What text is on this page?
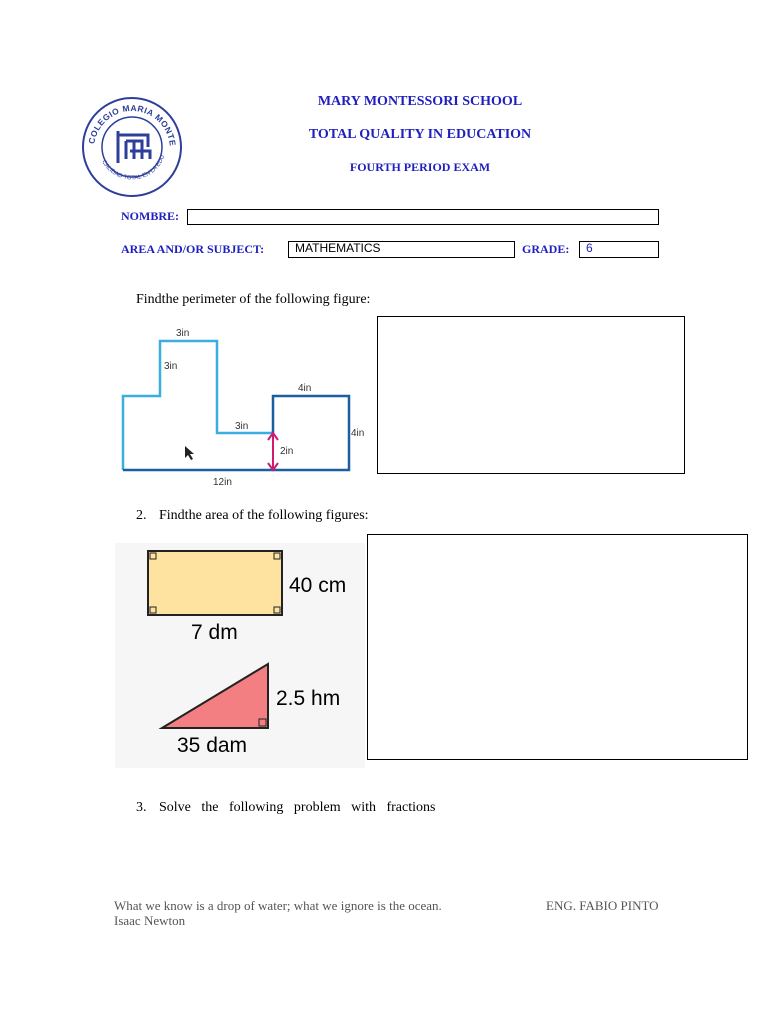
COLEGIO MARIA MONTE
CALIDAD TOTAL EN LA EDU
MARY MONTESSORI SCHOOL
TOTAL QUALITY IN EDUCATION
FOURTH PERIOD EXAM
NOMBRE:
AREA AND/OR SUBJECT:	MATHEMATICS	GRADE:	6
Findthe perimeter of the following figure:
3in
3in
4in
3in
4in
2in
12in
2. Findthe area of the following figures:
40 cm
7 dm
2.5 hm
35 dam
3. Solve   the   following   problem   with   fractions
What we know is a drop of water; what we ignore is the ocean.
Isaac Newton
ENG. FABIO PINTO
